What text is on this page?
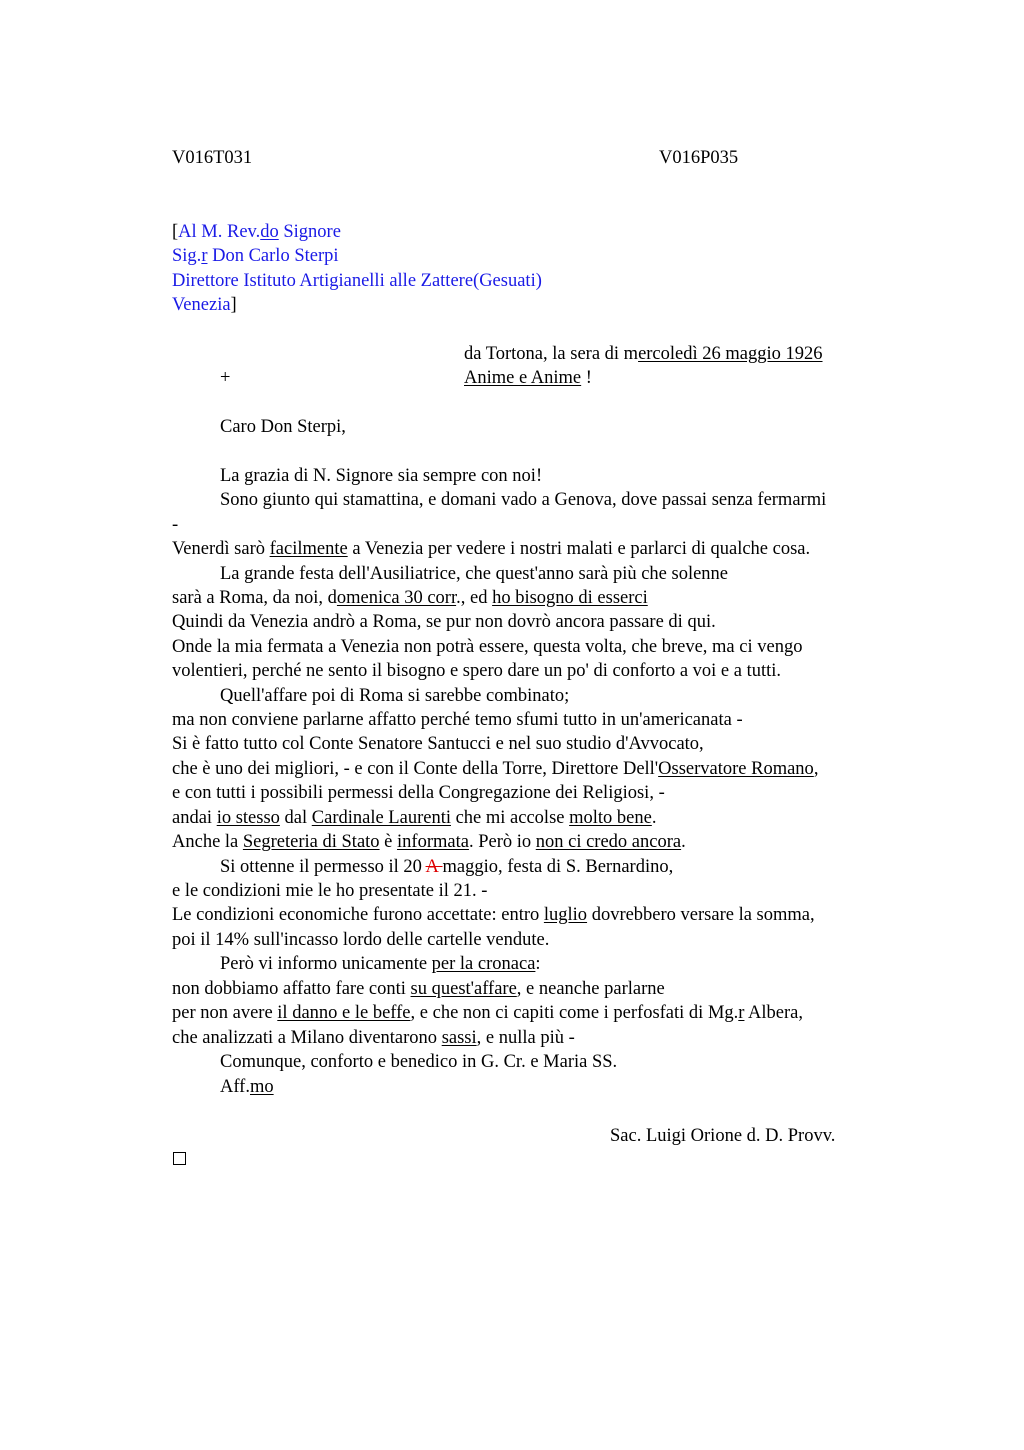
V016T031	V016P035
[Al M. Rev.do Signore
Sig.r Don Carlo Sterpi
Direttore Istituto Artigianelli alle Zattere(Gesuati)
Venezia]
da Tortona, la sera di mercoledì 26 maggio 1926
+	Anime e Anime !
Caro Don Sterpi,
La grazia di N. Signore sia sempre con noi!
Sono giunto qui stamattina, e domani vado a Genova, dove passai senza fermarmi
-
Venerdì sarò facilmente a Venezia per vedere i nostri malati e parlarci di qualche cosa.
La grande festa dell'Ausiliatrice, che quest'anno sarà più che solenne
sarà a Roma, da noi, domenica 30 corr., ed ho bisogno di esserci
Quindi da Venezia andrò a Roma, se pur non dovrò ancora passare di qui.
Onde la mia fermata a Venezia non potrà essere, questa volta, che breve, ma ci vengo
volentieri, perché ne sento il bisogno e spero dare un po' di conforto a voi e a tutti.
Quell'affare poi di Roma si sarebbe combinato;
ma non conviene parlarne affatto perché temo sfumi tutto in un'americanata -
Si è fatto tutto col Conte Senatore Santucci e nel suo studio d'Avvocato,
che è uno dei migliori, - e con il Conte della Torre, Direttore Dell'Osservatore Romano,
e con tutti i possibili permessi della Congregazione dei Religiosi, -
andai io stesso dal Cardinale Laurenti che mi accolse molto bene.
Anche la Segreteria di Stato è informata. Però io non ci credo ancora.
Si ottenne il permesso il 20 A maggio, festa di S. Bernardino,
e le condizioni mie le ho presentate il 21. -
Le condizioni economiche furono accettate: entro luglio dovrebbero versare la somma,
poi il 14% sull'incasso lordo delle cartelle vendute.
Però vi informo unicamente per la cronaca:
non dobbiamo affatto fare conti su quest'affare, e neanche parlarne
per non avere il danno e le beffe, e che non ci capiti come i perfosfati di Mg.r Albera,
che analizzati a Milano diventarono sassi, e nulla più -
Comunque, conforto e benedico in G. Cr. e Maria SS.
Aff.mo
Sac. Luigi Orione d. D. Provv.
